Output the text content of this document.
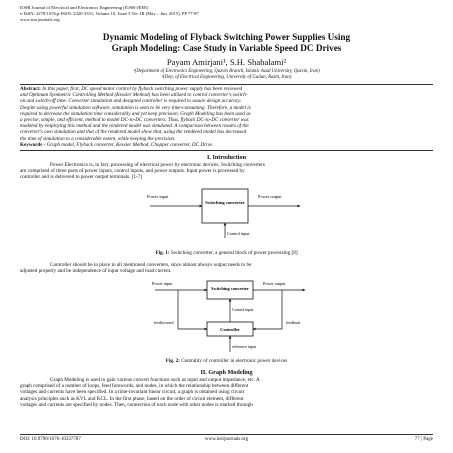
IOSR Journal of Electrical and Electronics Engineering (IOSR-JEEE)
e-ISSN: 2278-1676,p-ISSN: 2320-3331, Volume 10, Issue 3 Ver. III (May – Jun. 2015), PP 77-87
www.iosrjournals.org
Dynamic Modeling of Flyback Switching Power Supplies Using
Graph Modeling: Case Study in Variable Speed DC Drives
Payam Amirjani¹, S.H. Shahalami²
¹(Department of Electronics Engineering, Qazvin Branch, Islamic Azad University, Qazvin, Iran)
²(Dep. of Electrical Engineering, University of Guilan, Rasht, Iran)
Abstract: In this paper, first, DC speed motor control by flyback switching power supply has been reviewed
and Optimum Symmetric Controlling Method (Kessler Method) has been utilized to control converter's switch-
on and switch-off time. Converter simulation and designed controller is required to assure design accuracy.
Despite using powerful simulation software, simulation is seen to be very time-consuming. Therefore, a model is
required to decrease the simulation time considerably and yet keep precision. Graph Modeling has been used as
a precise, simple, and efficient, method to model DC-to-DC converters. Thus, flyback DC-to-DC converter was
modeled by employing this method and the rendered model was simulated. A comparison between results of the
converter's own simulation and that of the rendered model show that, using the rendered model has decreased
the time of simulation to a considerable extent, while keeping the precision.
Keywords - Graph model, Flyback converter, Kessler Method, Chopper converter, DC Drive.
I. Introduction
Power Electronics is, in fact, processing of electrical power by electronic devices. Switching converters
are comprised of three parts of power inputs, control inputs, and power outputs. Input power is processed by
controller and is delivered to power output terminals. [1-7]
Switching converter
Power input	Power output
Control input
Fig. 1: Switching converter, a general block of power processing [8]
Controller should be in place in all mentioned converters, since almost always output needs to be
adjusted properly and be independence of input voltage and load current.
Switching converter
Power input	Power output
Controller
Control input
feedforward	feedback
reference input
Fig. 2: Centrality of controller in electronic power devices
II. Graph Modeling
Graph Modeling is used to gain various convert functions such as input and output impedance, etc. A
graph comprised of a number of loops, feed forewords, and nodes, in which the relationship between different
voltages and currents have been specified. In a time-invariant linear circuit, a graph is obtained using circuit
analysis principles such as KVL and KCL. In the first phase, based on the order of circuit element, different
voltages and currents are specified by nodes. Then, connection of each node with other nodes is marked through
DOI: 10.9790/1676-10337787	www.iosrjournals.org	77 | Page
